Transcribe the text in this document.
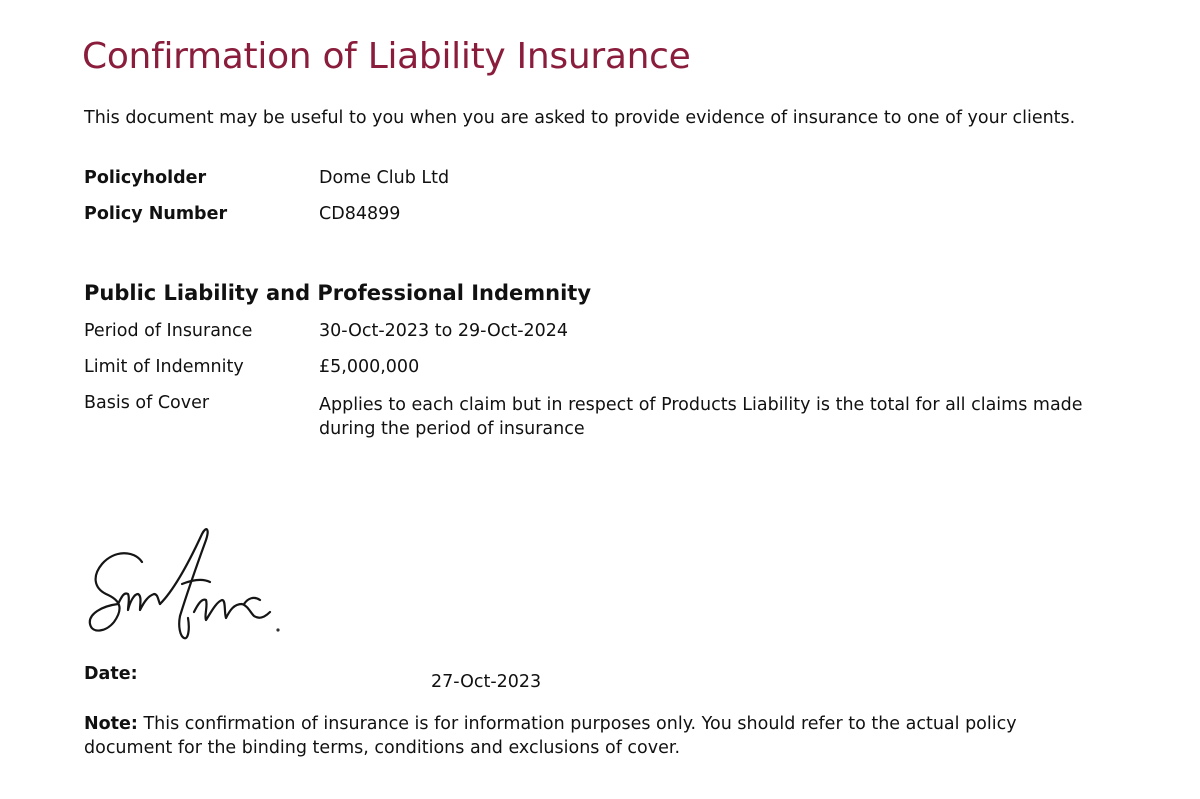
Confirmation of Liability Insurance
This document may be useful to you when you are asked to provide evidence of insurance to one of your clients.
Policyholder	Dome Club Ltd
Policy Number	CD84899
Public Liability and Professional Indemnity
Period of Insurance	30-Oct-2023 to 29-Oct-2024
Limit of Indemnity	£5,000,000
Basis of Cover	Applies to each claim but in respect of Products Liability is the total for all claims made during the period of insurance
Date:	27-Oct-2023
Note: This confirmation of insurance is for information purposes only. You should refer to the actual policy document for the binding terms, conditions and exclusions of cover.
